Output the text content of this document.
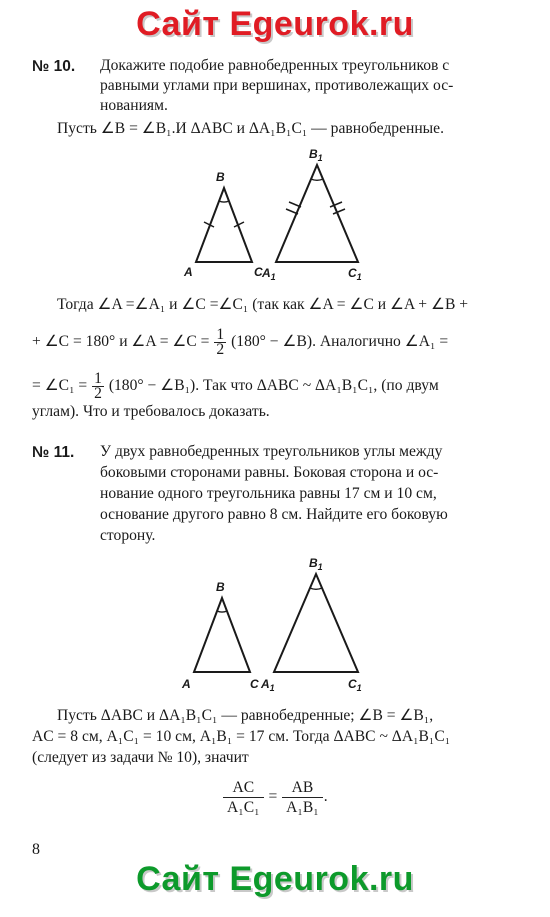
Сайт Egeurok.ru
№ 10. Докажите подобие равнобедренных треугольников с
равными углами при вершинах, противолежащих ос-
нованиям.
Пусть ∠B = ∠B₁.И ΔABC и ΔA₁B₁C₁ — равнобедренные.
B
A	C
$B_1$
$A_1$	$C_1$
B
A	C
$B_1$
$A_1$	$C_1$
Тогда ∠A =∠A₁ и ∠C =∠C₁ (так как ∠A = ∠C и ∠A + ∠B +
+ ∠C = 180° и ∠A = ∠C = $\frac{1}{2} (180^\circ$ − ∠B). Аналогично ∠A₁ =
= ∠C₁ = $\frac{1}{2} (180^\circ$ − ∠B₁). Так что ΔABC ~ ΔA₁B₁C₁, (по двум
углам). Что и требовалось доказать.
№ 11. У двух равнобедренных треугольников углы между
боковыми сторонами равны. Боковая сторона и ос-
нование одного треугольника равны 17 см и 10 см,
основание другого равно 8 см. Найдите его боковую
сторону.
Пусть ΔABC и ΔA₁B₁C₁ — равнобедренные; ∠B = ∠B₁,
AC = 8 см, A₁C₁ = 10 см, A₁B₁ = 17 см. Тогда ΔABC ~ ΔA₁B₁C₁
(следует из задачи № 10), значит
$\frac{AC}{\text{A₁C₁}} = \frac{AB}{\text{A₁B₁}}$ .
8
Сайт Egeurok.ru
